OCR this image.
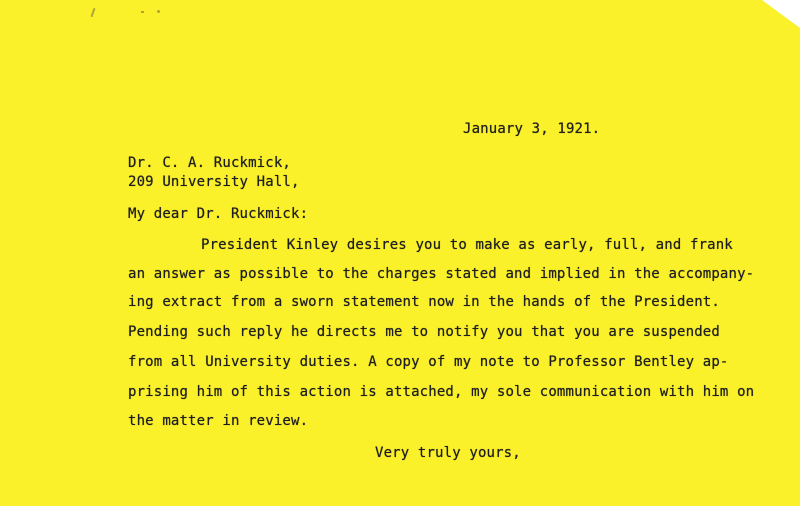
January 3, 1921.
Dr. C. A. Ruckmick,
209 University Hall,
My dear Dr. Ruckmick:
President Kinley desires you to make as early, full, and frank
an answer as possible to the charges stated and implied in the accompany-
ing extract from a sworn statement now in the hands of the President.
Pending such reply he directs me to notify you that you are suspended
from all University duties. A copy of my note to Professor Bentley ap-
prising him of this action is attached, my sole communication with him on
the matter in review.
Very truly yours,
